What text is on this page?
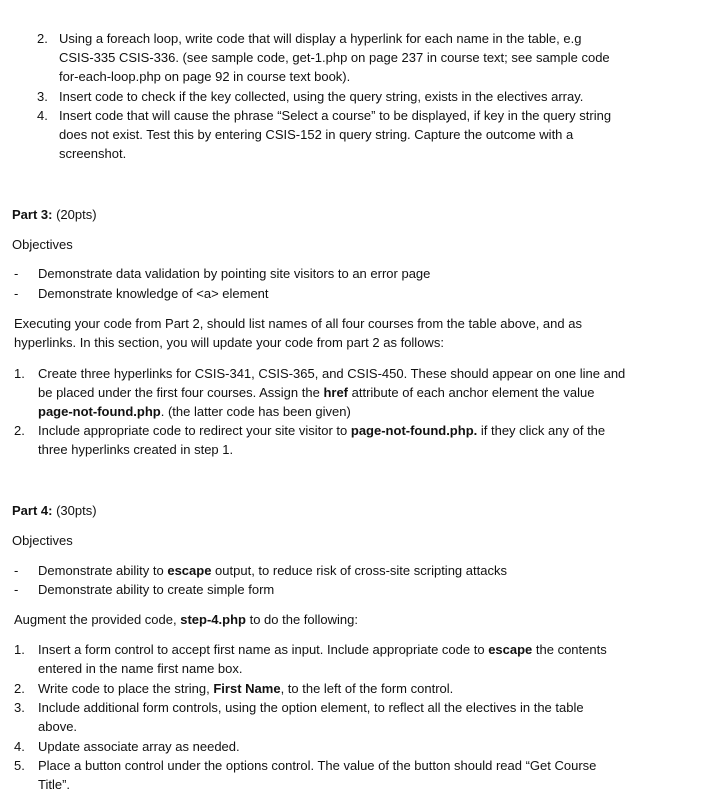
2. Using a foreach loop, write code that will display a hyperlink for each name in the table, e.g
CSIS-335 CSIS-336. (see sample code, get-1.php on page 237 in course text; see sample code
for-each-loop.php on page 92 in course text book).
3. Insert code to check if the key collected, using the query string, exists in the electives array.
4. Insert code that will cause the phrase “Select a course” to be displayed, if key in the query string
does not exist. Test this by entering CSIS-152 in query string. Capture the outcome with a
screenshot.
Part 3: (20pts)
Objectives
- Demonstrate data validation by pointing site visitors to an error page
- Demonstrate knowledge of <a> element
Executing your code from Part 2, should list names of all four courses from the table above, and as
hyperlinks. In this section, you will update your code from part 2 as follows:
1.	Create three hyperlinks for CSIS-341, CSIS-365, and CSIS-450. These should appear on one line and
be placed under the first four courses. Assign the href attribute of each anchor element the value
page-not-found.php. (the latter code has been given)
2.	Include appropriate code to redirect your site visitor to page-not-found.php. if they click any of the
three hyperlinks created in step 1.
Part 4: (30pts)
Objectives
- Demonstrate ability to escape output, to reduce risk of cross-site scripting attacks
- Demonstrate ability to create simple form
Augment the provided code, step-4.php to do the following:
1.	Insert a form control to accept first name as input. Include appropriate code to escape the contents
entered in the name first name box.
2.	Write code to place the string, First Name, to the left of the form control.
3.	Include additional form controls, using the option element, to reflect all the electives in the table
above.
4.	Update associate array as needed.
5.	Place a button control under the options control. The value of the button should read “Get Course
Title”.
